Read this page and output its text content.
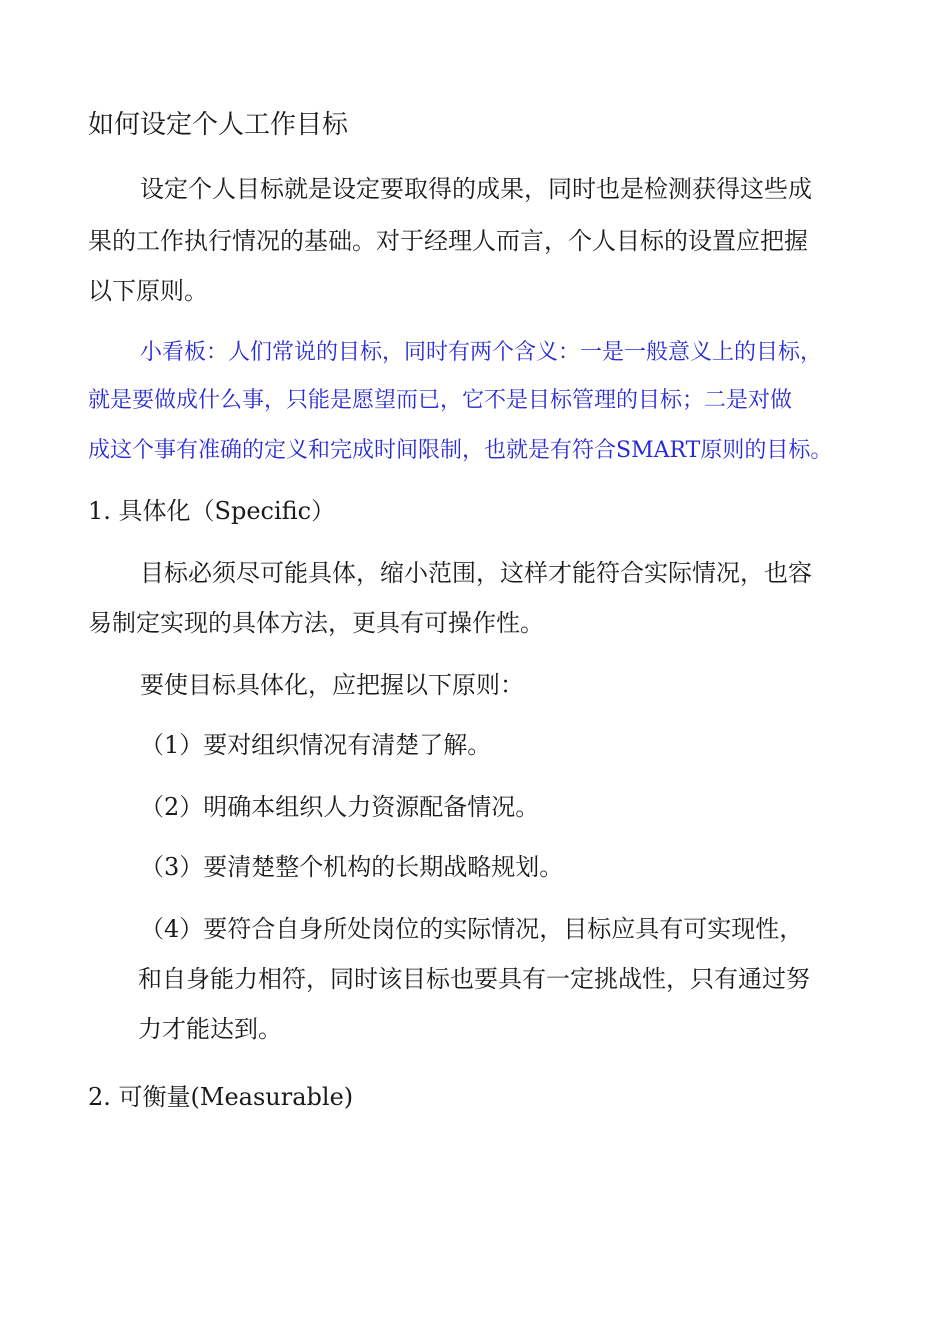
如何设定个人工作目标
设定个人目标就是设定要取得的成果，同时也是检测获得这些成
果的工作执行情况的基础。对于经理人而言，个人目标的设置应把握
以下原则。
小看板：人们常说的目标，同时有两个含义：一是一般意义上的目标，
就是要做成什么事，只能是愿望而已，它不是目标管理的目标；二是对做
成这个事有准确的定义和完成时间限制，也就是有符合SMART原则的目标。
1. 具体化（Specific）
目标必须尽可能具体，缩小范围，这样才能符合实际情况，也容
易制定实现的具体方法，更具有可操作性。
要使目标具体化，应把握以下原则：
（1）要对组织情况有清楚了解。
（2）明确本组织人力资源配备情况。
（3）要清楚整个机构的长期战略规划。
（4）要符合自身所处岗位的实际情况，目标应具有可实现性，
和自身能力相符，同时该目标也要具有一定挑战性，只有通过努
力才能达到。
2. 可衡量(Measurable)
